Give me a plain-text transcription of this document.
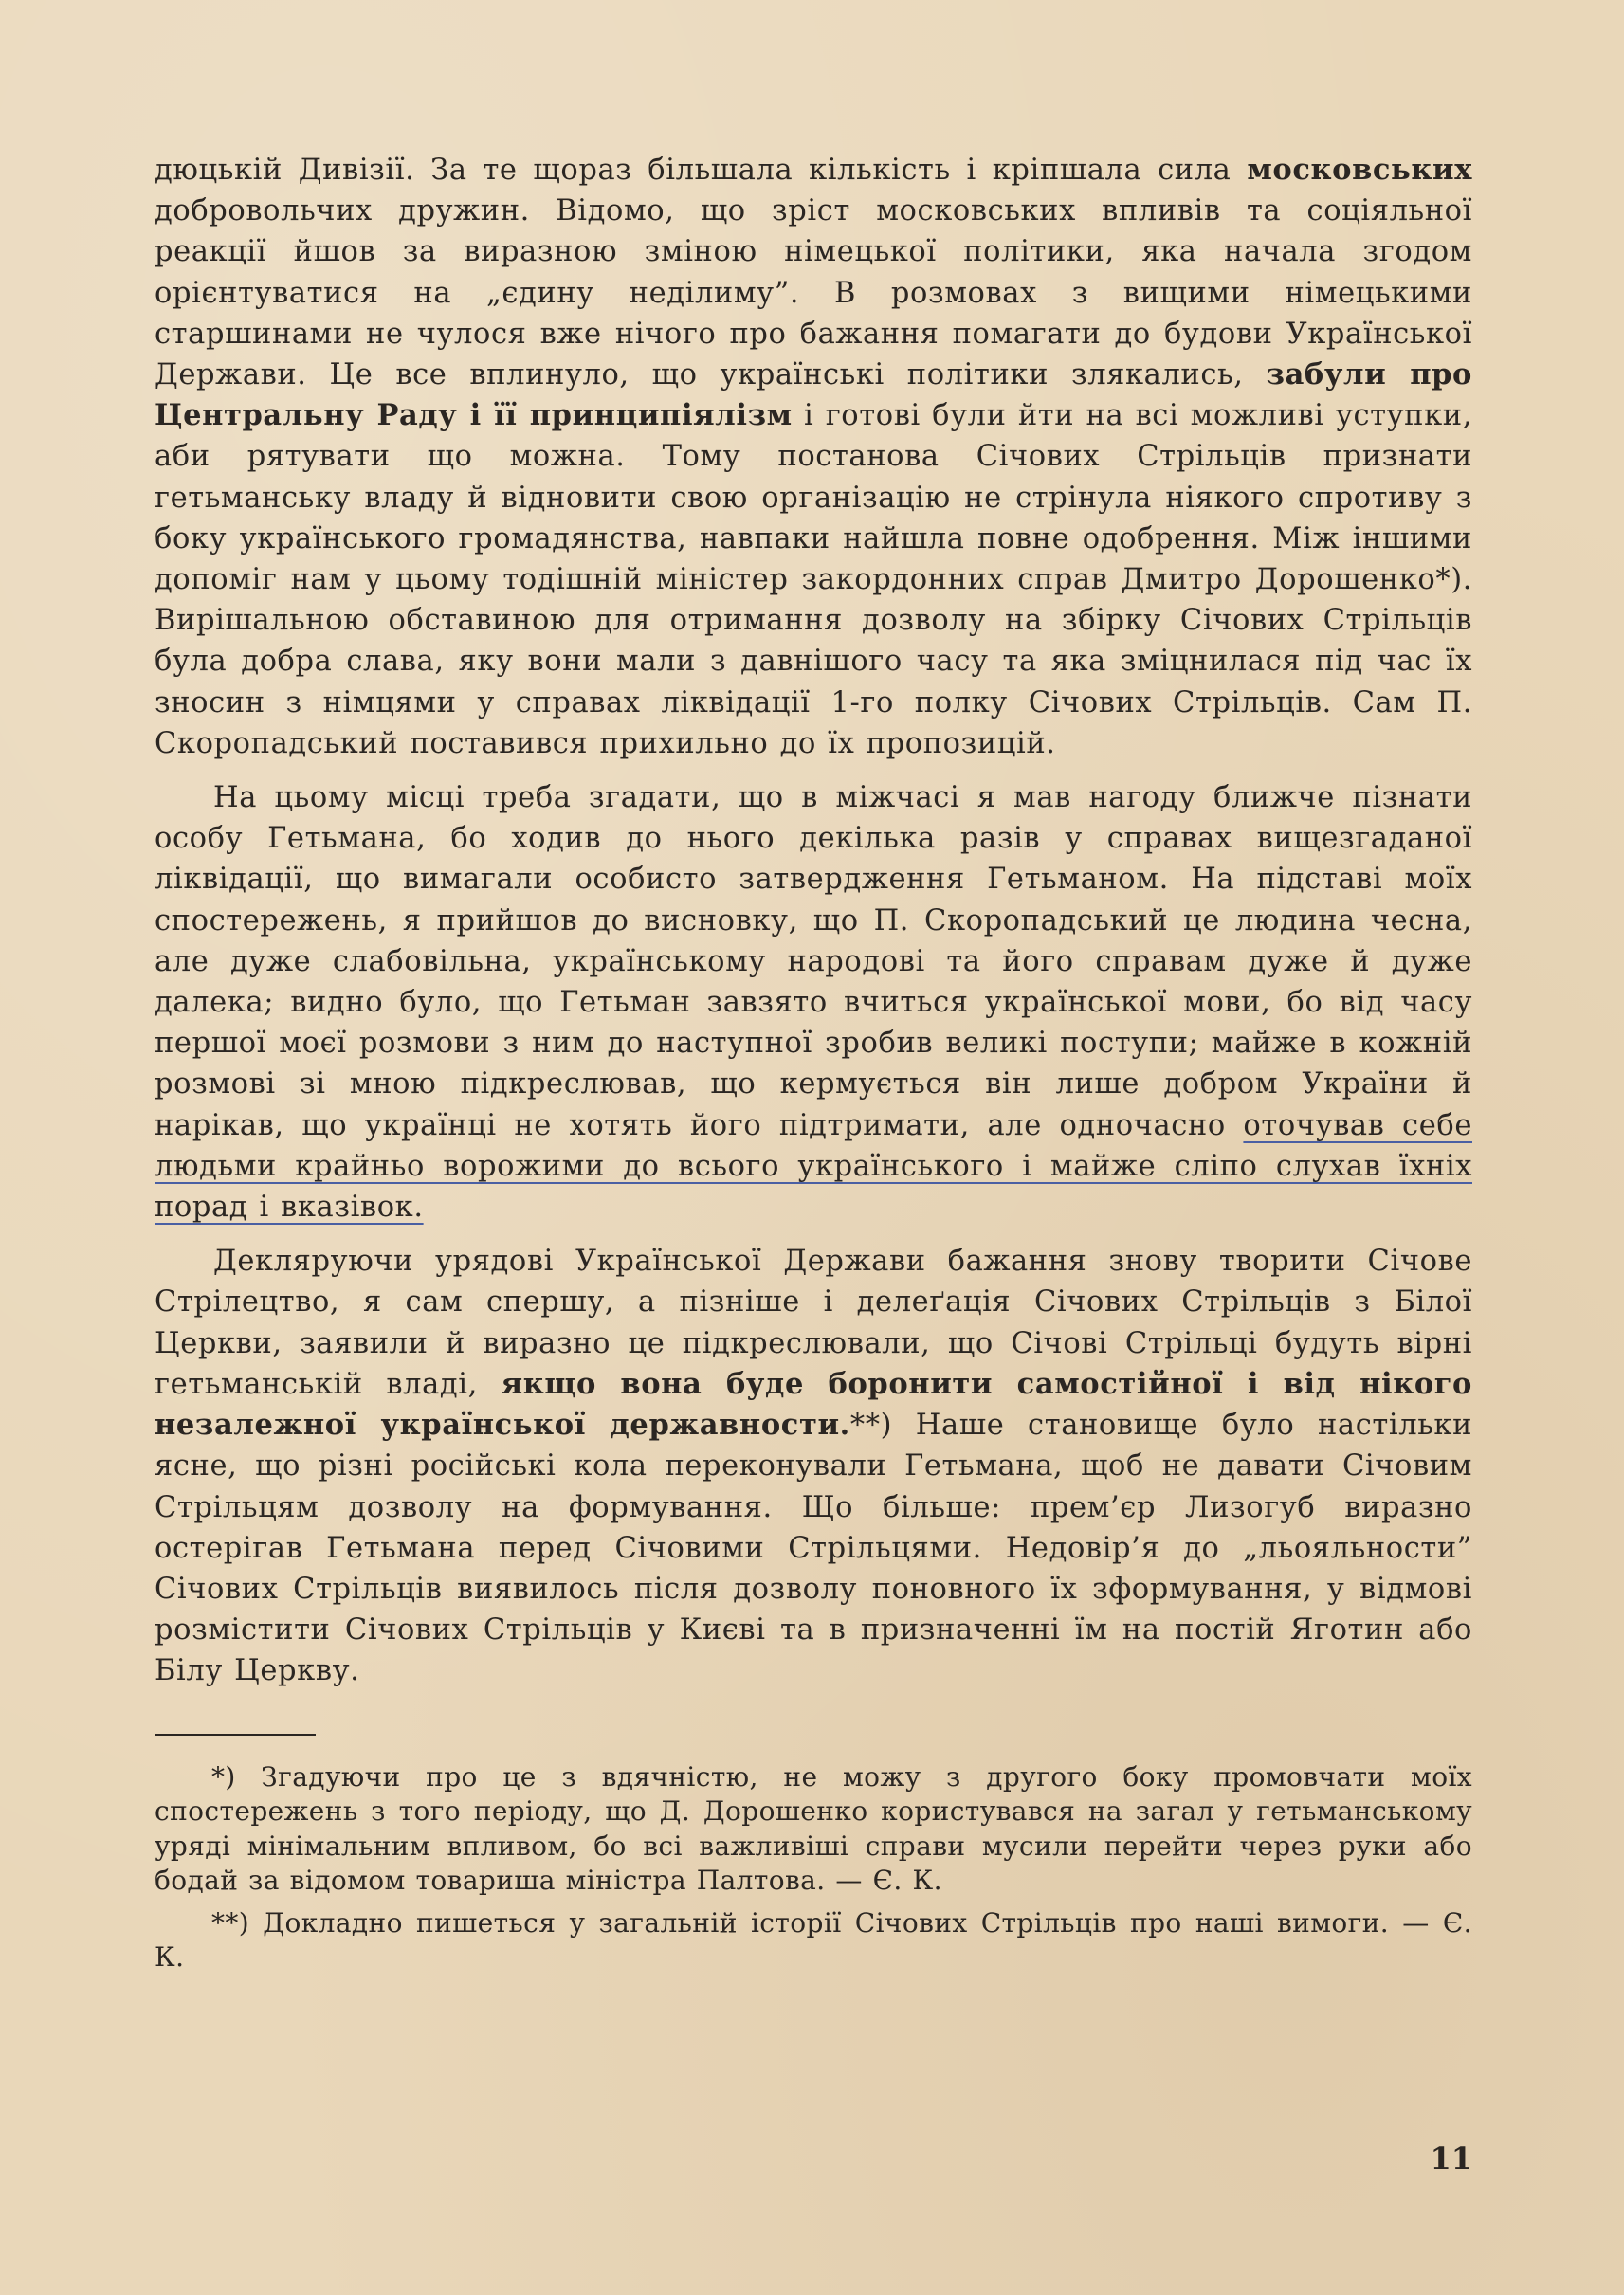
дюцькій Дивізії. За те щораз більшала кількість і кріпшала сила московських добровольчих дружин. Відомо, що зріст московських впливів та соціяльної реакції йшов за виразною зміною німецької політики, яка начала згодом орієнтуватися на „єдину неділиму”. В розмовах з вищими німецькими старшинами не чулося вже нічого про бажання помагати до будови Української Держави. Це все вплинуло, що українські політики злякались, забули про Центральну Раду і її принципіялізм і готові були йти на всі можливі уступки, аби рятувати що можна. Тому постанова Січових Стрільців признати гетьманську владу й відновити свою організацію не стрінула ніякого спротиву з боку українського громадянства, навпаки найшла повне одобрення. Між іншими допоміг нам у цьому тодішній міністер закордонних справ Дмитро Дорошенко*). Вирішальною обставиною для отримання дозволу на збірку Січових Стрільців була добра слава, яку вони мали з давнішого часу та яка зміцнилася під час їх зносин з німцями у справах ліквідації 1-го полку Січових Стрільців. Сам П. Скоропадський поставився прихильно до їх пропозицій.

На цьому місці треба згадати, що в міжчасі я мав нагоду ближче пізнати особу Гетьмана, бо ходив до нього декілька разів у справах вищезгаданої ліквідації, що вимагали особисто затвердження Гетьманом. На підставі моїх спостережень, я прийшов до висновку, що П. Скоропадський це людина чесна, але дуже слабовільна, українському народові та його справам дуже й дуже далека; видно було, що Гетьман завзято вчиться української мови, бо від часу першої моєї розмови з ним до наступної зробив великі поступи; майже в кожній розмові зі мною підкреслював, що кермується він лише добром України й нарікав, що українці не хотять його підтримати, але одночасно оточував себе людьми крайньо ворожими до всього українського і майже сліпо слухав їхніх порад і вказівок.

Декляруючи урядові Української Держави бажання знову творити Січове Стрілецтво, я сам спершу, а пізніше і делеґація Січових Стрільців з Білої Церкви, заявили й виразно це підкреслювали, що Січові Стрільці будуть вірні гетьманській владі, якщо вона буде боронити самостійної і від нікого незалежної української державности.**) Наше становище було настільки ясне, що різні російські кола переконували Гетьмана, щоб не давати Січовим Стрільцям дозволу на формування. Що більше: прем’єр Лизогуб виразно остерігав Гетьмана перед Січовими Стрільцями. Недовір’я до „льояльности” Січових Стрільців виявилось після дозволу поновного їх зформування, у відмові розмістити Січових Стрільців у Києві та в призначенні їм на постій Яготин або Білу Церкву.

*) Згадуючи про це з вдячністю, не можу з другого боку промовчати моїх спостережень з того періоду, що Д. Дорошенко користувався на загал у гетьманському уряді мінімальним впливом, бо всі важливіші справи мусили перейти через руки або бодай за відомом товариша міністра Палтова. — Є. К.

**) Докладно пишеться у загальній історії Січових Стрільців про наші вимоги. — Є. К.

11
